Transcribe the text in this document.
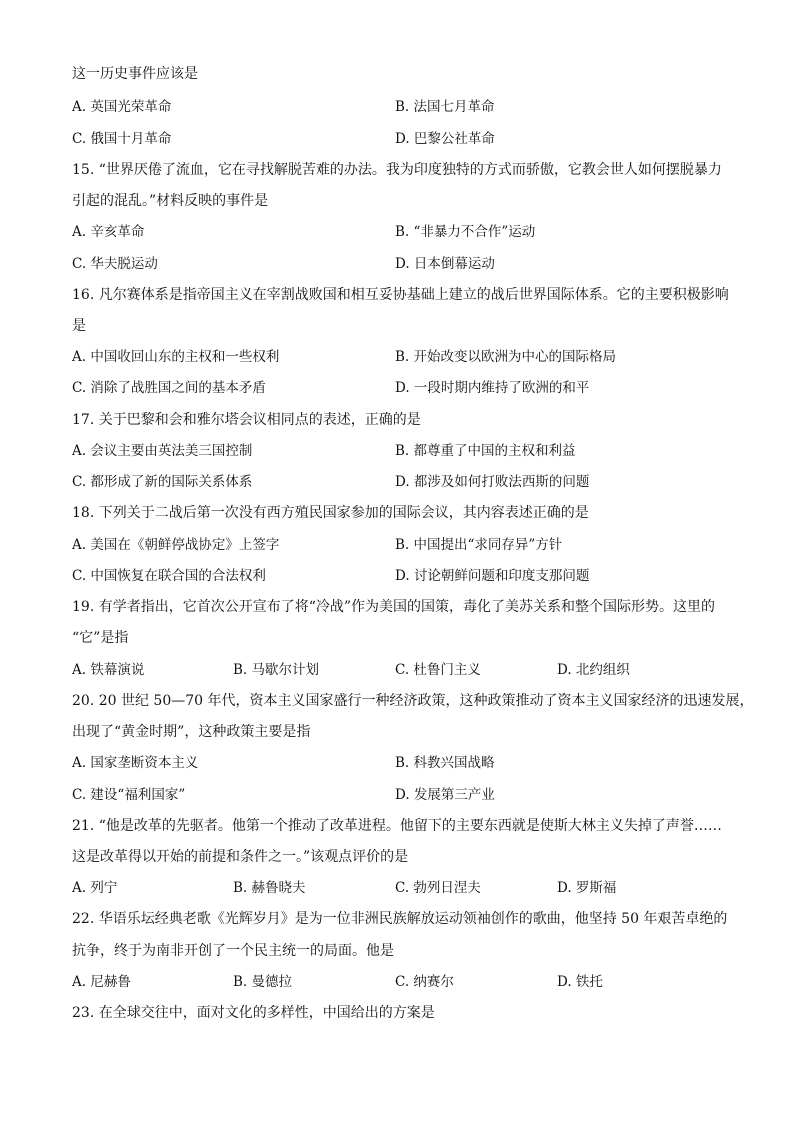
这一历史事件应该是
A. 英国光荣革命	B. 法国七月革命
C. 俄国十月革命	D. 巴黎公社革命
15. “世界厌倦了流血，它在寻找解脱苦难的办法。我为印度独特的方式而骄傲，它教会世人如何摆脱暴力
引起的混乱。”材料反映的事件是
A. 辛亥革命	B. “非暴力不合作”运动
C. 华夫脱运动	D. 日本倒幕运动
16. 凡尔赛体系是指帝国主义在宰割战败国和相互妥协基础上建立的战后世界国际体系。它的主要积极影响
是
A. 中国收回山东的主权和一些权利	B. 开始改变以欧洲为中心的国际格局
C. 消除了战胜国之间的基本矛盾	D. 一段时期内维持了欧洲的和平
17. 关于巴黎和会和雅尔塔会议相同点的表述，正确的是
A. 会议主要由英法美三国控制	B. 都尊重了中国的主权和利益
C. 都形成了新的国际关系体系	D. 都涉及如何打败法西斯的问题
18. 下列关于二战后第一次没有西方殖民国家参加的国际会议，其内容表述正确的是
A. 美国在《朝鲜停战协定》上签字	B. 中国提出“求同存异”方针
C. 中国恢复在联合国的合法权利	D. 讨论朝鲜问题和印度支那问题
19. 有学者指出，它首次公开宣布了将“冷战”作为美国的国策，毒化了美苏关系和整个国际形势。这里的
“它”是指
A. 铁幕演说	B. 马歇尔计划	C. 杜鲁门主义	D. 北约组织
20. 20 世纪 50—70 年代，资本主义国家盛行一种经济政策，这种政策推动了资本主义国家经济的迅速发展，
出现了“黄金时期”，这种政策主要是指
A. 国家垄断资本主义	B. 科教兴国战略
C. 建设“福利国家”	D. 发展第三产业
21. “他是改革的先驱者。他第一个推动了改革进程。他留下的主要东西就是使斯大林主义失掉了声誉……
这是改革得以开始的前提和条件之一。”该观点评价的是
A. 列宁	B. 赫鲁晓夫	C. 勃列日涅夫	D. 罗斯福
22. 华语乐坛经典老歌《光辉岁月》是为一位非洲民族解放运动领袖创作的歌曲，他坚持 50 年艰苦卓绝的
抗争，终于为南非开创了一个民主统一的局面。他是
A. 尼赫鲁	B. 曼德拉	C. 纳赛尔	D. 铁托
23. 在全球交往中，面对文化的多样性，中国给出的方案是
